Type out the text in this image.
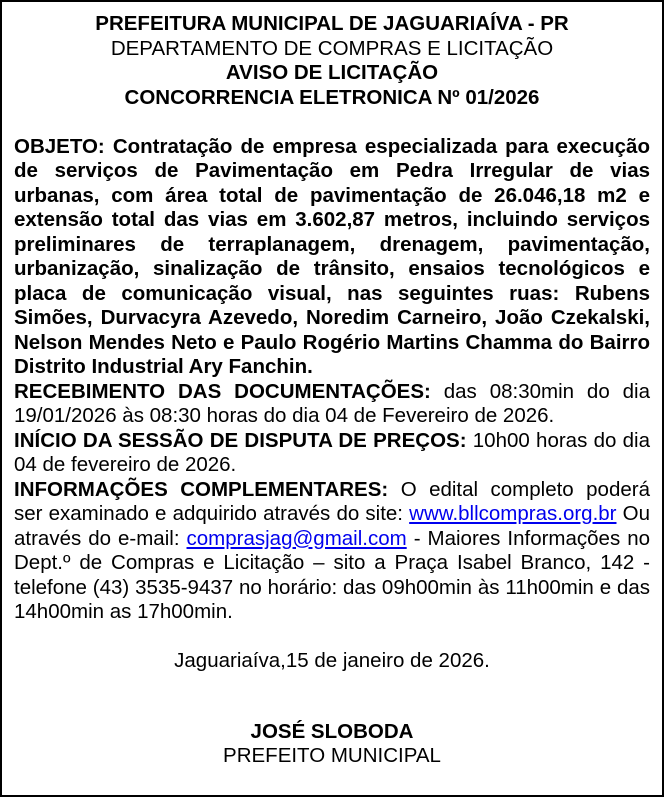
PREFEITURA MUNICIPAL DE JAGUARIAÍVA - PR

DEPARTAMENTO DE COMPRAS E LICITAÇÃO

AVISO DE LICITAÇÃO

CONCORRENCIA ELETRONICA Nº 01/2026

OBJETO: Contratação de empresa especializada para execução de serviços de Pavimentação em Pedra Irregular de vias urbanas, com área total de pavimentação de 26.046,18 m2 e extensão total das vias em 3.602,87 metros, incluindo serviços preliminares de terraplanagem, drenagem, pavimentação, urbanização, sinalização de trânsito, ensaios tecnológicos e placa de comunicação visual, nas seguintes ruas: Rubens Simões, Durvacyra Azevedo, Noredim Carneiro, João Czekalski, Nelson Mendes Neto e Paulo Rogério Martins Chamma do Bairro Distrito Industrial Ary Fanchin.

RECEBIMENTO DAS DOCUMENTAÇÕES: das 08:30min do dia 19/01/2026 às 08:30 horas do dia 04 de Fevereiro de 2026.

INÍCIO DA SESSÃO DE DISPUTA DE PREÇOS: 10h00 horas do dia 04 de fevereiro de 2026.

INFORMAÇÕES COMPLEMENTARES: O edital completo poderá ser examinado e adquirido através do site: www.bllcompras.org.br Ou através do e-mail: comprasjag@gmail.com - Maiores Informações no Dept.º de Compras e Licitação – sito a Praça Isabel Branco, 142 - telefone (43) 3535-9437 no horário: das 09h00min às 11h00min e das 14h00min as 17h00min.

Jaguariaíva,15 de janeiro de 2026.

JOSÉ SLOBODA

PREFEITO MUNICIPAL
